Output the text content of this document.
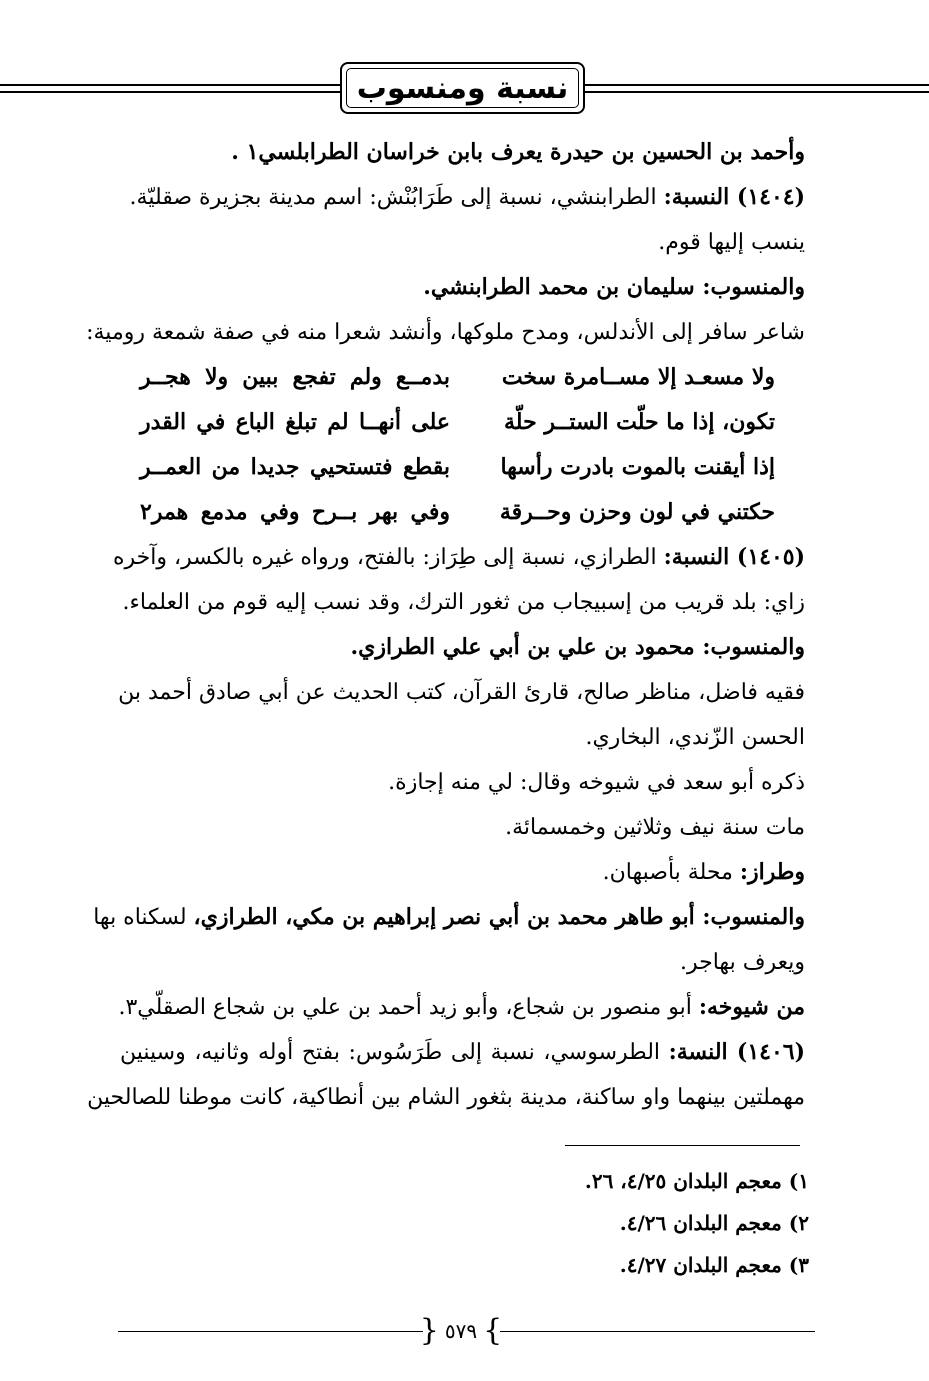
نسبة ومنسوب
وأحمد بن الحسين بن حيدرة يعرف بابن خراسان الطرابلسي١ .
(١٤٠٤) النسبة: الطرابنشي، نسبة إلى طَرَابُنْش: اسم مدينة بجزيرة صقليّة.
ينسب إليها قوم.
والمنسوب: سليمان بن محمد الطرابنشي.
شاعر سافر إلى الأندلس، ومدح ملوكها، وأنشد شعرا منه في صفة شمعة رومية:
ولا مسعـد إلا مســامرة سخت
بدمــع ولم تفجع ببين ولا هجــر
تكون، إذا ما حلّت الستــر حلّة
على أنهــا لم تبلغ الباع في القدر
إذا أيقنت بالموت بادرت رأسها
بقطع فتستحيي جديدا من العمــر
حكتني في لون وحزن وحــرقة
وفي بهر بــرح وفي مدمع همر٢
(١٤٠٥) النسبة: الطرازي، نسبة إلى طِرَاز: بالفتح، ورواه غيره بالكسر، وآخره
زاي: بلد قريب من إسبيجاب من ثغور الترك، وقد نسب إليه قوم من العلماء.
والمنسوب: محمود بن علي بن أبي علي الطرازي.
فقيه فاضل، مناظر صالح، قارئ القرآن، كتب الحديث عن أبي صادق أحمد بن
الحسن الزّندي، البخاري.
ذكره أبو سعد في شيوخه وقال: لي منه إجازة.
مات سنة نيف وثلاثين وخمسمائة.
وطراز: محلة بأصبهان.
والمنسوب: أبو طاهر محمد بن أبي نصر إبراهيم بن مكي، الطرازي، لسكناه بها
ويعرف بهاجر.
من شيوخه: أبو منصور بن شجاع، وأبو زيد أحمد بن علي بن شجاع الصقلّي٣.
(١٤٠٦) النسة: الطرسوسي، نسبة إلى طَرَسُوس: بفتح أوله وثانيه، وسينين
مهملتين بينهما واو ساكنة، مدينة بثغور الشام بين أنطاكية، كانت موطنا للصالحين
١) معجم البلدان ٤/٢٥، ٢٦.
٢) معجم البلدان ٤/٢٦.
٣) معجم البلدان ٤/٢٧.
}
٥٧٩
{
